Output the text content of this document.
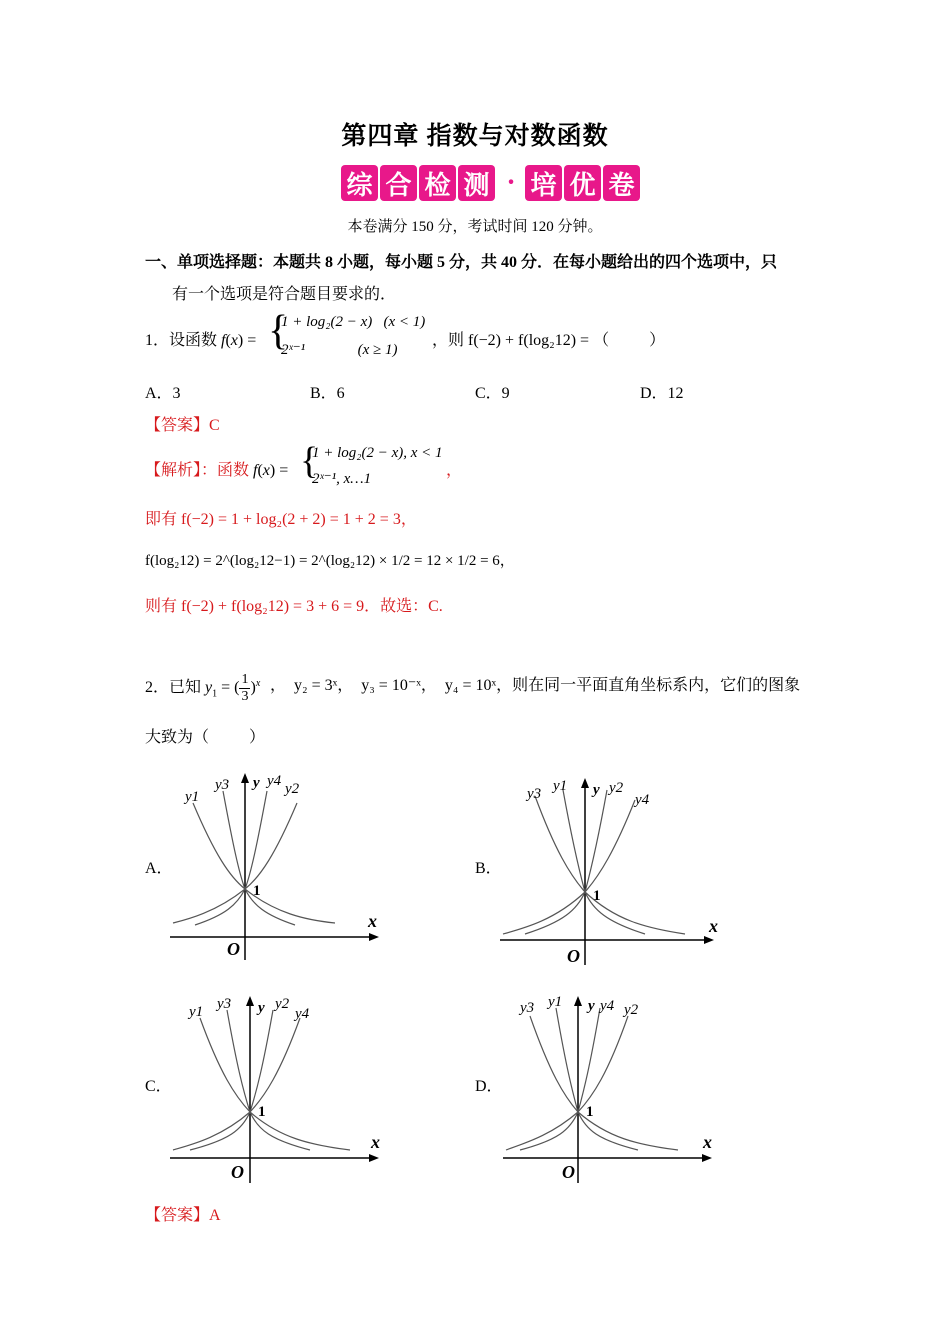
第四章 指数与对数函数
综 合 检 测 · 培 优 卷
本卷满分 150 分，考试时间 120 分钟。
一、单项选择题：本题共 8 小题，每小题 5 分，共 40 分．在每小题给出的四个选项中，只
有一个选项是符合题目要求的．
1．设函数 f(x) = {
1 + log₂(2 − x)   (x < 1)
2ˣ⁻¹              (x ≥ 1)
，则 f(−2) + f(log₂12) = （          ）
A．3	B．6	C．9	D．12
【答案】C
【解析】：函数 f(x) = {
1 + log₂(2 − x), x < 1
2ˣ⁻¹, x…1	，
即有 f(−2) = 1 + log₂(2 + 2) = 1 + 2 = 3，
f(log₂12) = 2^(log₂12−1) = 2^(log₂12) × 1/2 = 12 × 1/2 = 6，
则有 f(−2) + f(log₂12) = 3 + 6 = 9．故选：C.
2．已知 $y_1$ = ( $\frac{1}{3} )^x$ ，  y₂ = 3ˣ，  y₃ = 10⁻ˣ，  y₄ = 10ˣ，则在同一平面直角坐标系内，它们的图象
大致为（          ）
A．	B．
C．	D．
y1
y3 y y4 y2
1
x
O
y3 y1 y y2
y4
1
x
O
y1 y3 y y2
y4
1
x
O
y3 y1 y y4 y2
1
x
O
【答案】A
